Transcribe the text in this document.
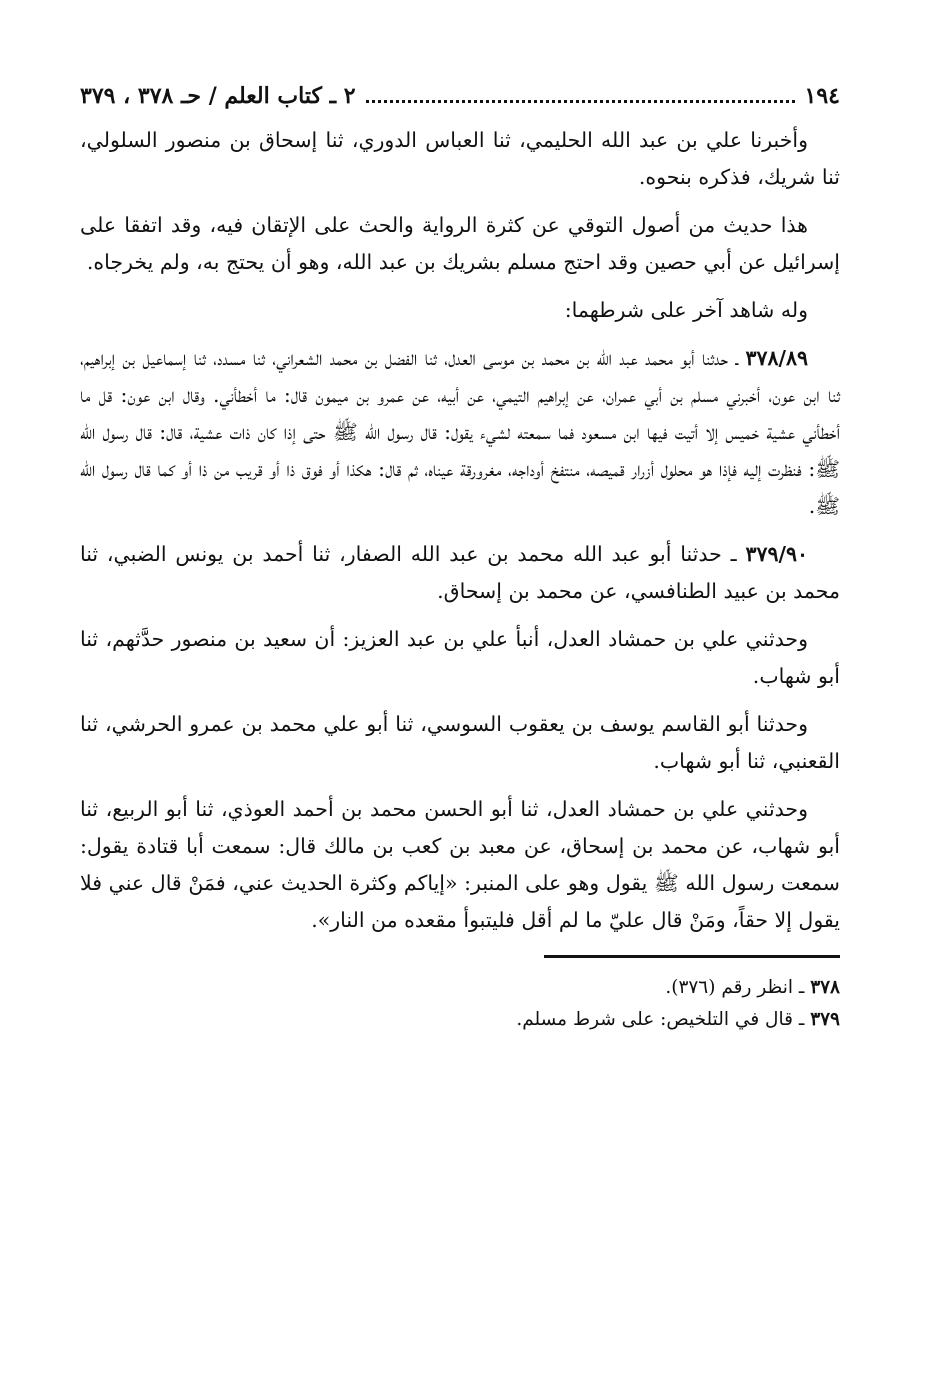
١٩٤
٢ ـ كتاب العلم / حـ ٣٧٨ ، ٣٧٩

وأخبرنا علي بن عبد الله الحليمي، ثنا العباس الدوري، ثنا إسحاق بن منصور السلولي، ثنا شريك، فذكره بنحوه.

هذا حديث من أصول التوقي عن كثرة الرواية والحث على الإتقان فيه، وقد اتفقا على إسرائيل عن أبي حصين وقد احتج مسلم بشريك بن عبد الله، وهو أن يحتج به، ولم يخرجاه.

وله شاهد آخر على شرطهما:

٣٧٨/٨٩ ـ حدثنا أبو محمد عبد الله بن محمد بن موسى العدل، ثنا الفضل بن محمد الشعراني، ثنا مسدد، ثنا إسماعيل بن إبراهيم، ثنا ابن عون، أخبرني مسلم بن أبي عمران، عن إبراهيم التيمي، عن أبيه، عن عمرو بن ميمون قال: ما أخطأني. وقال ابن عون: قل ما أخطأني عشية خميس إلا أتيت فيها ابن مسعود فما سمعته لشيء يقول: قال رسول الله ﷺ حتى إذا كان ذات عشية، قال: قال رسول الله ﷺ: فنظرت إليه فإذا هو محلول أزرار قميصه، منتفخ أوداجه، مغرورقة عيناه، ثم قال: هكذا أو فوق ذا أو قريب من ذا أو كما قال رسول الله ﷺ.

٣٧٩/٩٠ ـ حدثنا أبو عبد الله محمد بن عبد الله الصفار، ثنا أحمد بن يونس الضبي، ثنا محمد بن عبيد الطنافسي، عن محمد بن إسحاق.

وحدثني علي بن حمشاد العدل، أنبأ علي بن عبد العزيز: أن سعيد بن منصور حدَّثهم، ثنا أبو شهاب.

وحدثنا أبو القاسم يوسف بن يعقوب السوسي، ثنا أبو علي محمد بن عمرو الحرشي، ثنا القعنبي، ثنا أبو شهاب.

وحدثني علي بن حمشاد العدل، ثنا أبو الحسن محمد بن أحمد العوذي، ثنا أبو الربيع، ثنا أبو شهاب، عن محمد بن إسحاق، عن معبد بن كعب بن مالك قال: سمعت أبا قتادة يقول: سمعت رسول الله ﷺ يقول وهو على المنبر: «إياكم وكثرة الحديث عني، فمَنْ قال عني فلا يقول إلا حقاً، ومَنْ قال عليّ ما لم أقل فليتبوأ مقعده من النار».

٣٧٨ ـ انظر رقم (٣٧٦).

٣٧٩ ـ قال في التلخيص: على شرط مسلم.
